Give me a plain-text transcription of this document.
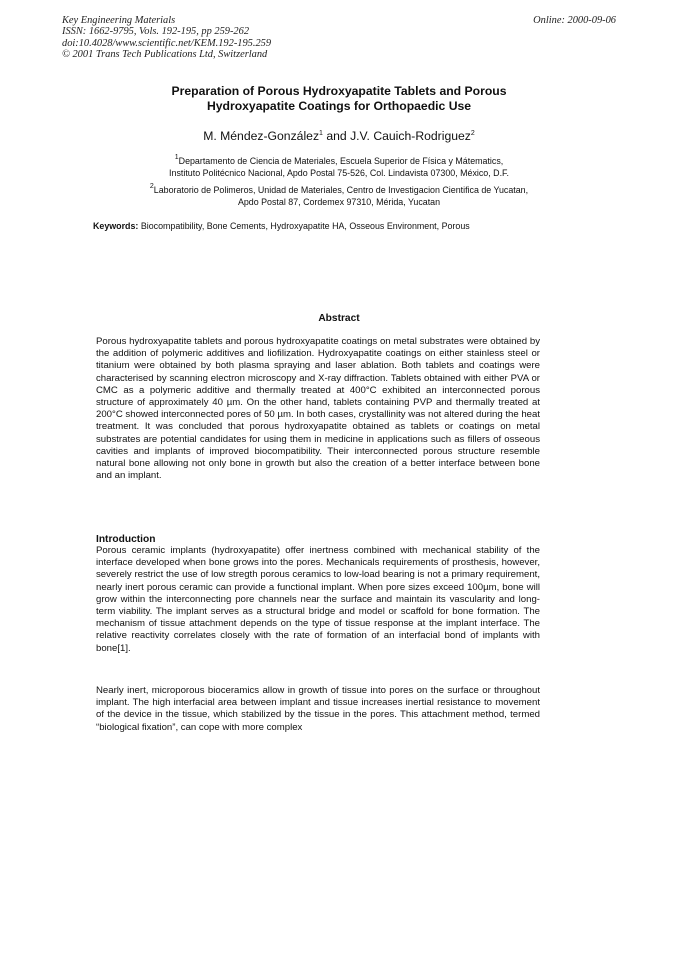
Key Engineering Materials
ISSN: 1662-9795, Vols. 192-195, pp 259-262
doi:10.4028/www.scientific.net/KEM.192-195.259
© 2001 Trans Tech Publications Ltd, Switzerland
Online: 2000-09-06
Preparation of Porous Hydroxyapatite Tablets and Porous
Hydroxyapatite Coatings for Orthopaedic Use
M. Méndez-González$^1$ and J.V. Cauich-Rodriguez$^2$
$^1$Departamento de Ciencia de Materiales, Escuela Superior de Física y Mátematics,
Instituto Politécnico Nacional, Apdo Postal 75-526, Col. Lindavista 07300, México, D.F.
$^2$Laboratorio de Polimeros, Unidad de Materiales, Centro de Investigacion Cientifica de Yucatan,
Apdo Postal 87, Cordemex 97310, Mérida, Yucatan
Keywords: Biocompatibility, Bone Cements, Hydroxyapatite HA, Osseous Environment, Porous
Abstract
Porous hydroxyapatite tablets and porous hydroxyapatite coatings on metal substrates were obtained by the addition of polymeric additives and liofilization. Hydroxyapatite coatings on either stainless steel or titanium were obtained by both plasma spraying and laser ablation. Both tablets and coatings were characterised by scanning electron microscopy and X-ray diffraction. Tablets obtained with either PVA or CMC as a polymeric additive and thermally treated at 400°C exhibited an interconnected porous structure of approximately 40 µm. On the other hand, tablets containing PVP and thermally treated at 200°C showed interconnected pores of 50 µm. In both cases, crystallinity was not altered during the heat treatment. It was concluded that porous hydroxyapatite obtained as tablets or coatings on metal substrates are potential candidates for using them in medicine in applications such as fillers of osseous cavities and implants of improved biocompatibility. Their interconnected porous structure resemble natural bone allowing not only bone in growth but also the creation of a better interface between bone and an implant.
Introduction
Porous ceramic implants (hydroxyapatite) offer inertness combined with mechanical stability of the interface developed when bone grows into the pores. Mechanicals requirements of prosthesis, however, severely restrict the use of low stregth porous ceramics to low-load bearing is not a primary requirement, nearly inert porous ceramic can provide a functional implant. When pore sizes exceed 100µm, bone will grow within the interconnecting pore channels near the surface and maintain its vascularity and long-term viability. The implant serves as a structural bridge and model or scaffold for bone formation. The mechanism of tissue attachment depends on the type of tissue response at the implant interface. The relative reactivity correlates closely with the rate of formation of an interfacial bond of implants with bone[1].
Nearly inert, microporous bioceramics allow in growth of tissue into pores on the surface or throughout implant. The high interfacial area between implant and tissue increases inertial resistance to movement of the device in the tissue, which stabilized by the tissue in the pores. This attachment method, termed “biological fixation”, can cope with more complex
